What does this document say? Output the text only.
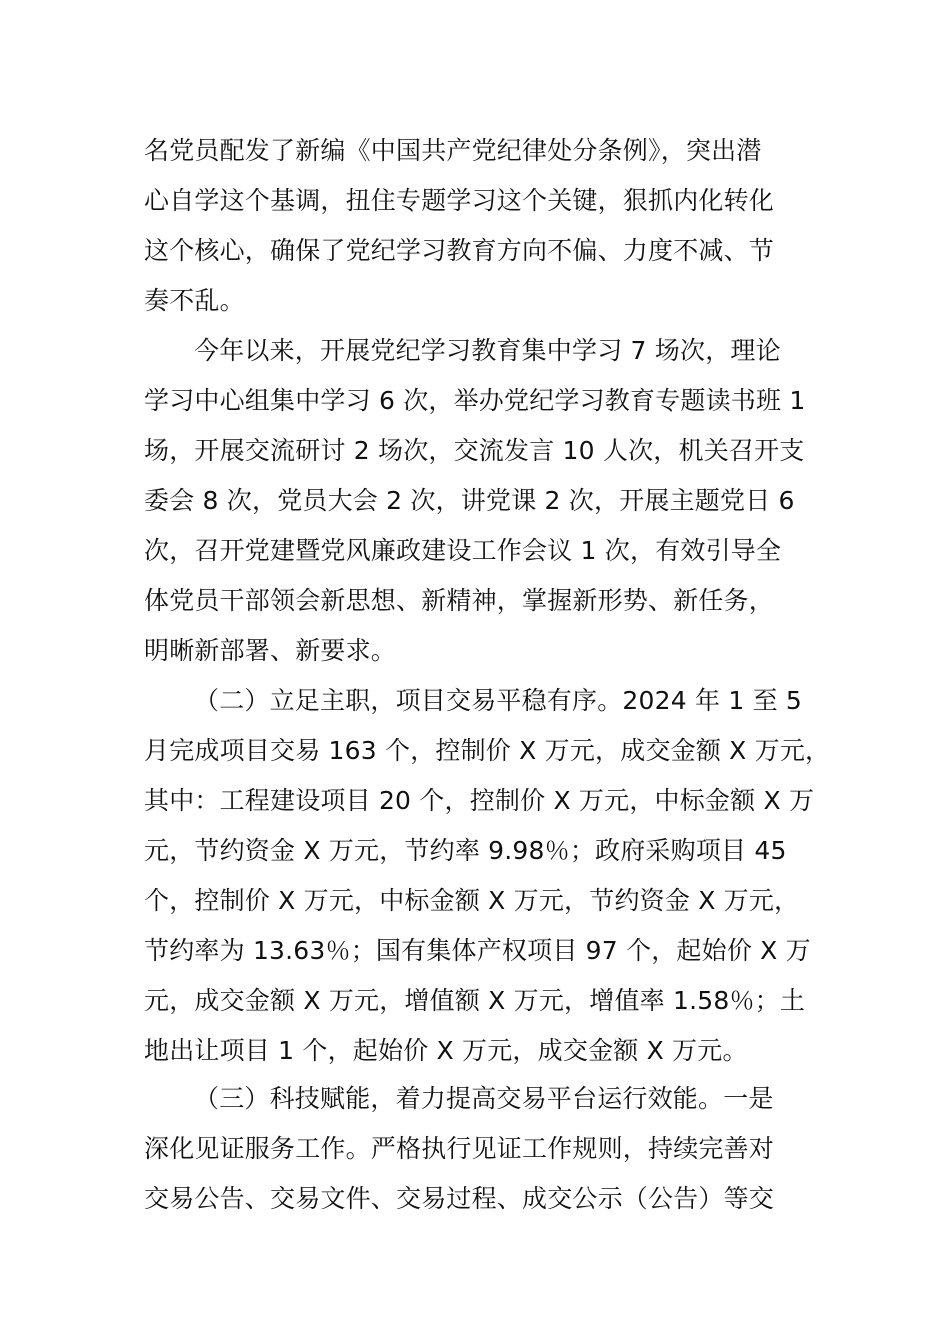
名党员配发了新编《中国共产党纪律处分条例》，突出潜
心自学这个基调，扭住专题学习这个关键，狠抓内化转化
这个核心，确保了党纪学习教育方向不偏、力度不减、节
奏不乱。
今年以来，开展党纪学习教育集中学习 7 场次，理论
学习中心组集中学习 6 次，举办党纪学习教育专题读书班 1
场，开展交流研讨 2 场次，交流发言 10 人次，机关召开支
委会 8 次，党员大会 2 次，讲党课 2 次，开展主题党日 6
次，召开党建暨党风廉政建设工作会议 1 次，有效引导全
体党员干部领会新思想、新精神，掌握新形势、新任务，
明晰新部署、新要求。
（二）立足主职，项目交易平稳有序。2024 年 1 至 5
月完成项目交易 163 个，控制价 X 万元，成交金额 X 万元，
其中：工程建设项目 20 个，控制价 X 万元，中标金额 X 万
元，节约资金 X 万元，节约率 9.98％；政府采购项目 45
个，控制价 X 万元，中标金额 X 万元，节约资金 X 万元，
节约率为 13.63％；国有集体产权项目 97 个，起始价 X 万
元，成交金额 X 万元，增值额 X 万元，增值率 1.58％；土
地出让项目 1 个，起始价 X 万元，成交金额 X 万元。
（三）科技赋能，着力提高交易平台运行效能。一是
深化见证服务工作。严格执行见证工作规则，持续完善对
交易公告、交易文件、交易过程、成交公示（公告）等交
